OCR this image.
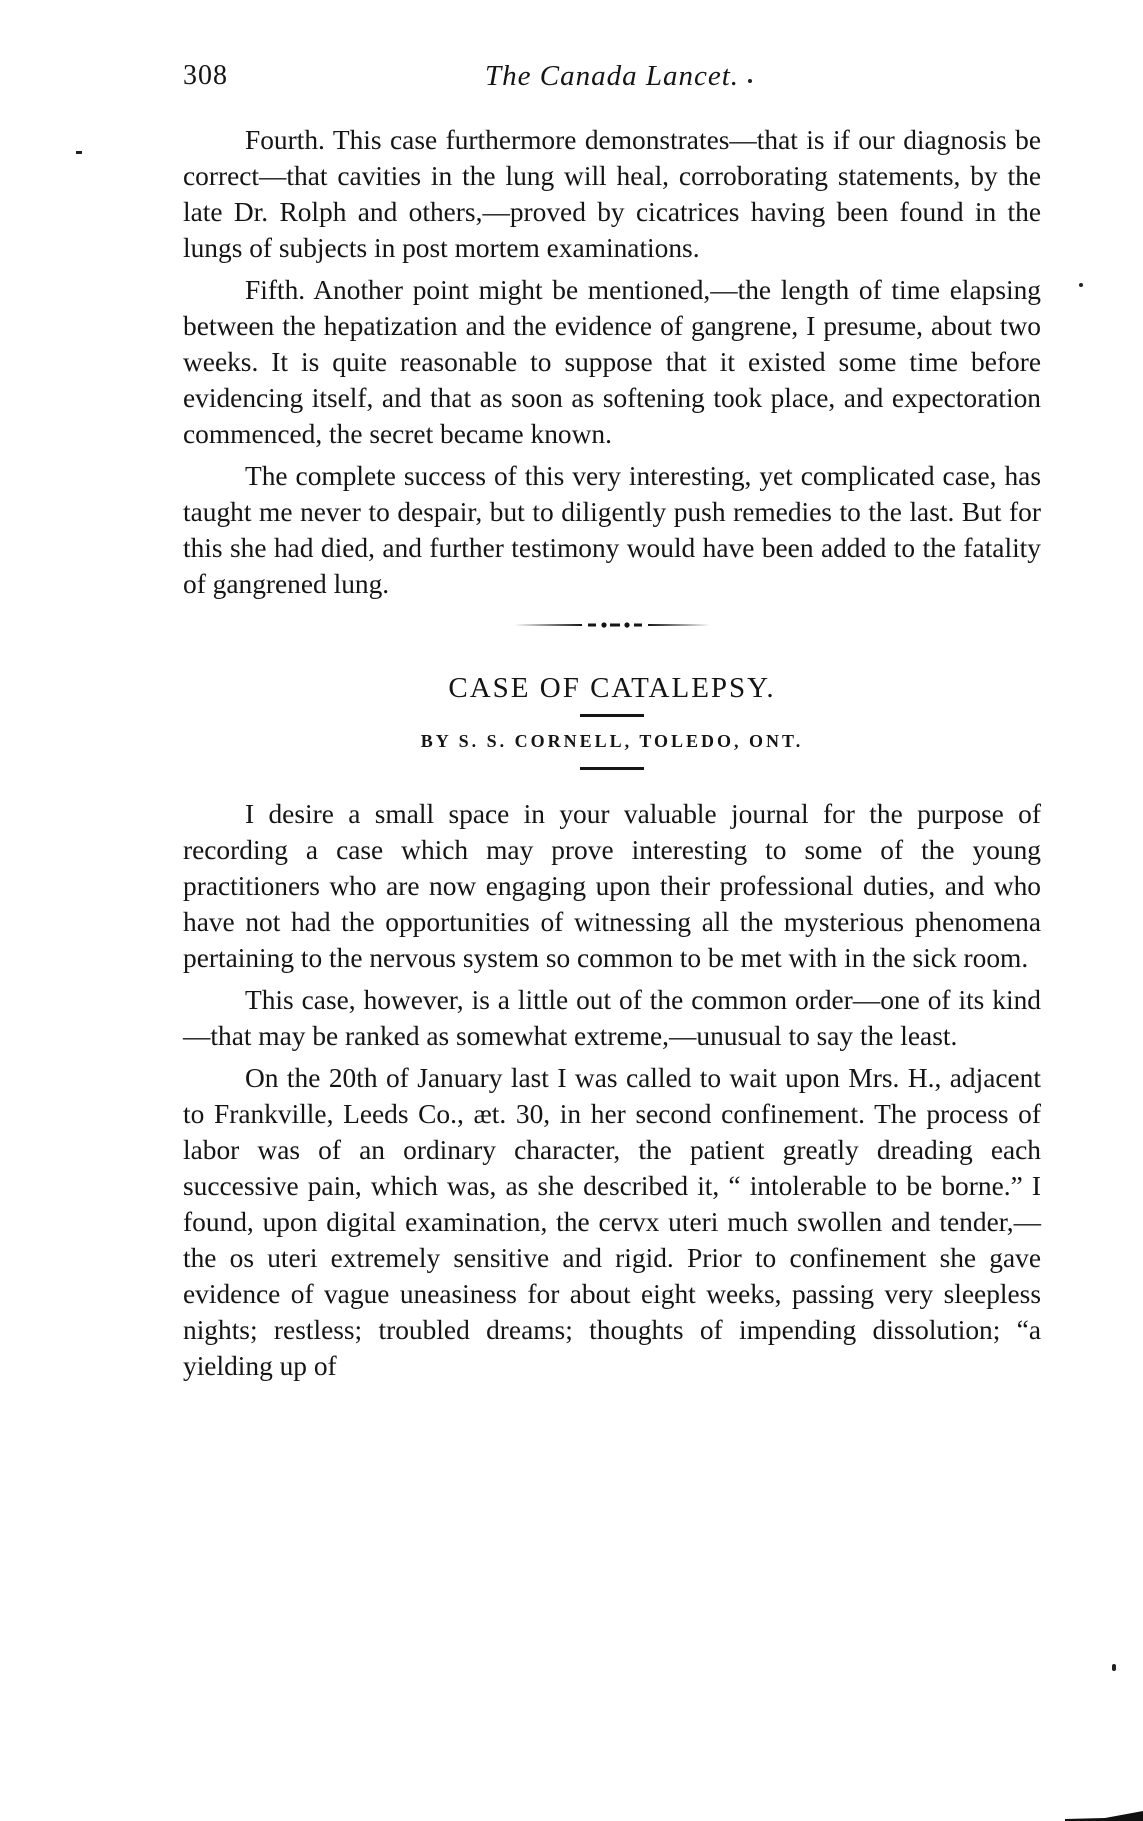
308	The Canada Lancet.

Fourth. This case furthermore demonstrates—that is if our diagnosis be correct—that cavities in the lung will heal, corroborating statements, by the late Dr. Rolph and others,—proved by cicatrices having been found in the lungs of subjects in post mortem examinations.

Fifth. Another point might be mentioned,—the length of time elapsing between the hepatization and the evidence of gangrene, I presume, about two weeks. It is quite reasonable to suppose that it existed some time before evidencing itself, and that as soon as softening took place, and expectoration commenced, the secret became known.

The complete success of this very interesting, yet complicated case, has taught me never to despair, but to diligently push remedies to the last. But for this she had died, and further testimony would have been added to the fatality of gangrened lung.

CASE OF CATALEPSY.
BY S. S. CORNELL, TOLEDO, ONT.

I desire a small space in your valuable journal for the purpose of recording a case which may prove interesting to some of the young practitioners who are now engaging upon their professional duties, and who have not had the opportunities of witnessing all the mysterious phenomena pertaining to the nervous system so common to be met with in the sick room.

This case, however, is a little out of the common order—one of its kind—that may be ranked as somewhat extreme,—unusual to say the least.

On the 20th of January last I was called to wait upon Mrs. H., adjacent to Frankville, Leeds Co., æt. 30, in her second confinement. The process of labor was of an ordinary character, the patient greatly dreading each successive pain, which was, as she described it, “ intolerable to be borne.” I found, upon digital examination, the cervx uteri much swollen and tender,—the os uteri extremely sensitive and rigid. Prior to confinement she gave evidence of vague uneasiness for about eight weeks, passing very sleepless nights; restless; troubled dreams; thoughts of impending dissolution; “a yielding up of
